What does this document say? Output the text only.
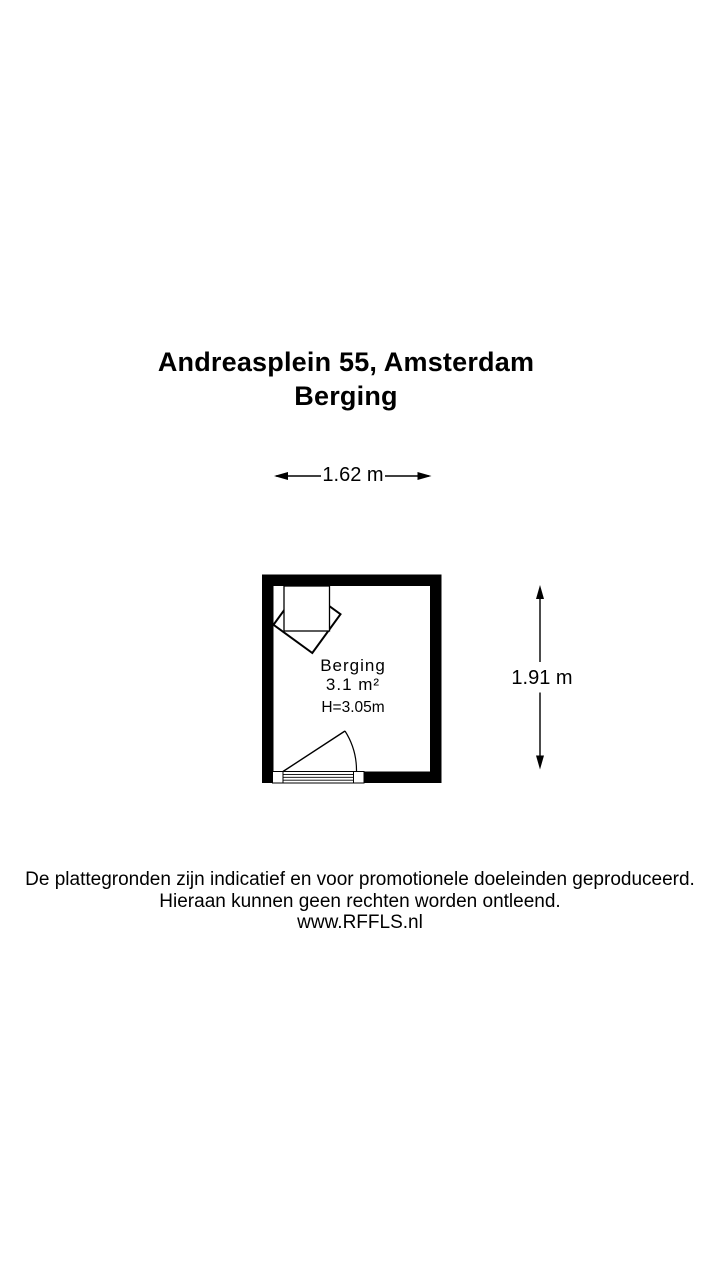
Andreasplein 55, Amsterdam
Berging
1.62 m
1.91 m
Berging
3.1 m²
H=3.05m
De plattegronden zijn indicatief en voor promotionele doeleinden geproduceerd.
Hieraan kunnen geen rechten worden ontleend.
www.RFFLS.nl
